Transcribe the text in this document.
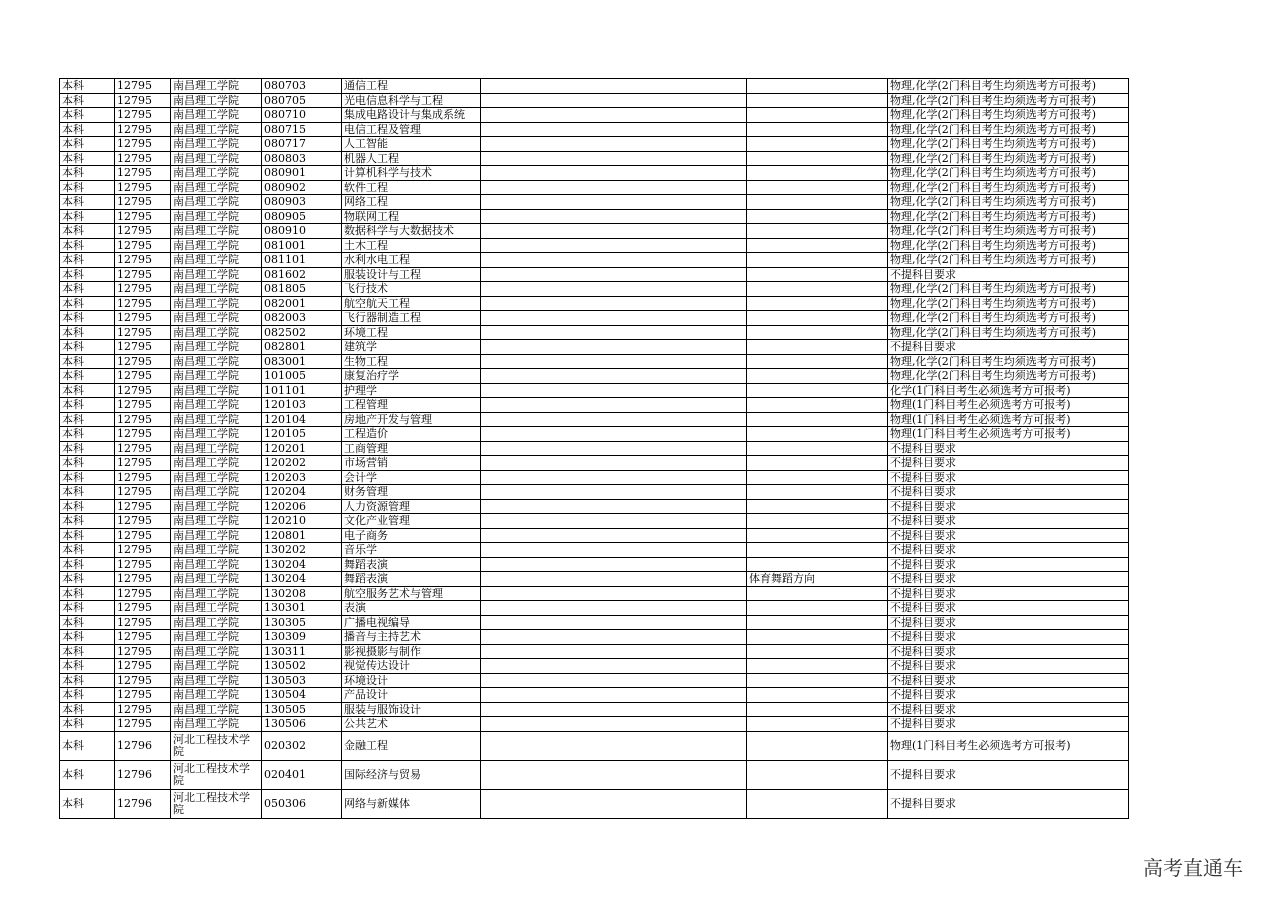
本科	12795	南昌理工学院	080703	通信工程			物理,化学(2门科目考生均须选考方可报考)
本科	12795	南昌理工学院	080705	光电信息科学与工程			物理,化学(2门科目考生均须选考方可报考)
本科	12795	南昌理工学院	080710	集成电路设计与集成系统			物理,化学(2门科目考生均须选考方可报考)
本科	12795	南昌理工学院	080715	电信工程及管理			物理,化学(2门科目考生均须选考方可报考)
本科	12795	南昌理工学院	080717	人工智能			物理,化学(2门科目考生均须选考方可报考)
本科	12795	南昌理工学院	080803	机器人工程			物理,化学(2门科目考生均须选考方可报考)
本科	12795	南昌理工学院	080901	计算机科学与技术			物理,化学(2门科目考生均须选考方可报考)
本科	12795	南昌理工学院	080902	软件工程			物理,化学(2门科目考生均须选考方可报考)
本科	12795	南昌理工学院	080903	网络工程			物理,化学(2门科目考生均须选考方可报考)
本科	12795	南昌理工学院	080905	物联网工程			物理,化学(2门科目考生均须选考方可报考)
本科	12795	南昌理工学院	080910	数据科学与大数据技术			物理,化学(2门科目考生均须选考方可报考)
本科	12795	南昌理工学院	081001	土木工程			物理,化学(2门科目考生均须选考方可报考)
本科	12795	南昌理工学院	081101	水利水电工程			物理,化学(2门科目考生均须选考方可报考)
本科	12795	南昌理工学院	081602	服装设计与工程			不提科目要求
本科	12795	南昌理工学院	081805	飞行技术			物理,化学(2门科目考生均须选考方可报考)
本科	12795	南昌理工学院	082001	航空航天工程			物理,化学(2门科目考生均须选考方可报考)
本科	12795	南昌理工学院	082003	飞行器制造工程			物理,化学(2门科目考生均须选考方可报考)
本科	12795	南昌理工学院	082502	环境工程			物理,化学(2门科目考生均须选考方可报考)
本科	12795	南昌理工学院	082801	建筑学			不提科目要求
本科	12795	南昌理工学院	083001	生物工程			物理,化学(2门科目考生均须选考方可报考)
本科	12795	南昌理工学院	101005	康复治疗学			物理,化学(2门科目考生均须选考方可报考)
本科	12795	南昌理工学院	101101	护理学			化学(1门科目考生必须选考方可报考)
本科	12795	南昌理工学院	120103	工程管理			物理(1门科目考生必须选考方可报考)
本科	12795	南昌理工学院	120104	房地产开发与管理			物理(1门科目考生必须选考方可报考)
本科	12795	南昌理工学院	120105	工程造价			物理(1门科目考生必须选考方可报考)
本科	12795	南昌理工学院	120201	工商管理			不提科目要求
本科	12795	南昌理工学院	120202	市场营销			不提科目要求
本科	12795	南昌理工学院	120203	会计学			不提科目要求
本科	12795	南昌理工学院	120204	财务管理			不提科目要求
本科	12795	南昌理工学院	120206	人力资源管理			不提科目要求
本科	12795	南昌理工学院	120210	文化产业管理			不提科目要求
本科	12795	南昌理工学院	120801	电子商务			不提科目要求
本科	12795	南昌理工学院	130202	音乐学			不提科目要求
本科	12795	南昌理工学院	130204	舞蹈表演			不提科目要求
本科	12795	南昌理工学院	130204	舞蹈表演		体育舞蹈方向	不提科目要求
本科	12795	南昌理工学院	130208	航空服务艺术与管理			不提科目要求
本科	12795	南昌理工学院	130301	表演			不提科目要求
本科	12795	南昌理工学院	130305	广播电视编导			不提科目要求
本科	12795	南昌理工学院	130309	播音与主持艺术			不提科目要求
本科	12795	南昌理工学院	130311	影视摄影与制作			不提科目要求
本科	12795	南昌理工学院	130502	视觉传达设计			不提科目要求
本科	12795	南昌理工学院	130503	环境设计			不提科目要求
本科	12795	南昌理工学院	130504	产品设计			不提科目要求
本科	12795	南昌理工学院	130505	服装与服饰设计			不提科目要求
本科	12795	南昌理工学院	130506	公共艺术			不提科目要求
本科	12796	河北工程技术学院	020302	金融工程			物理(1门科目考生必须选考方可报考)
本科	12796	河北工程技术学院	020401	国际经济与贸易			不提科目要求
本科	12796	河北工程技术学院	050306	网络与新媒体			不提科目要求
高考直通车
